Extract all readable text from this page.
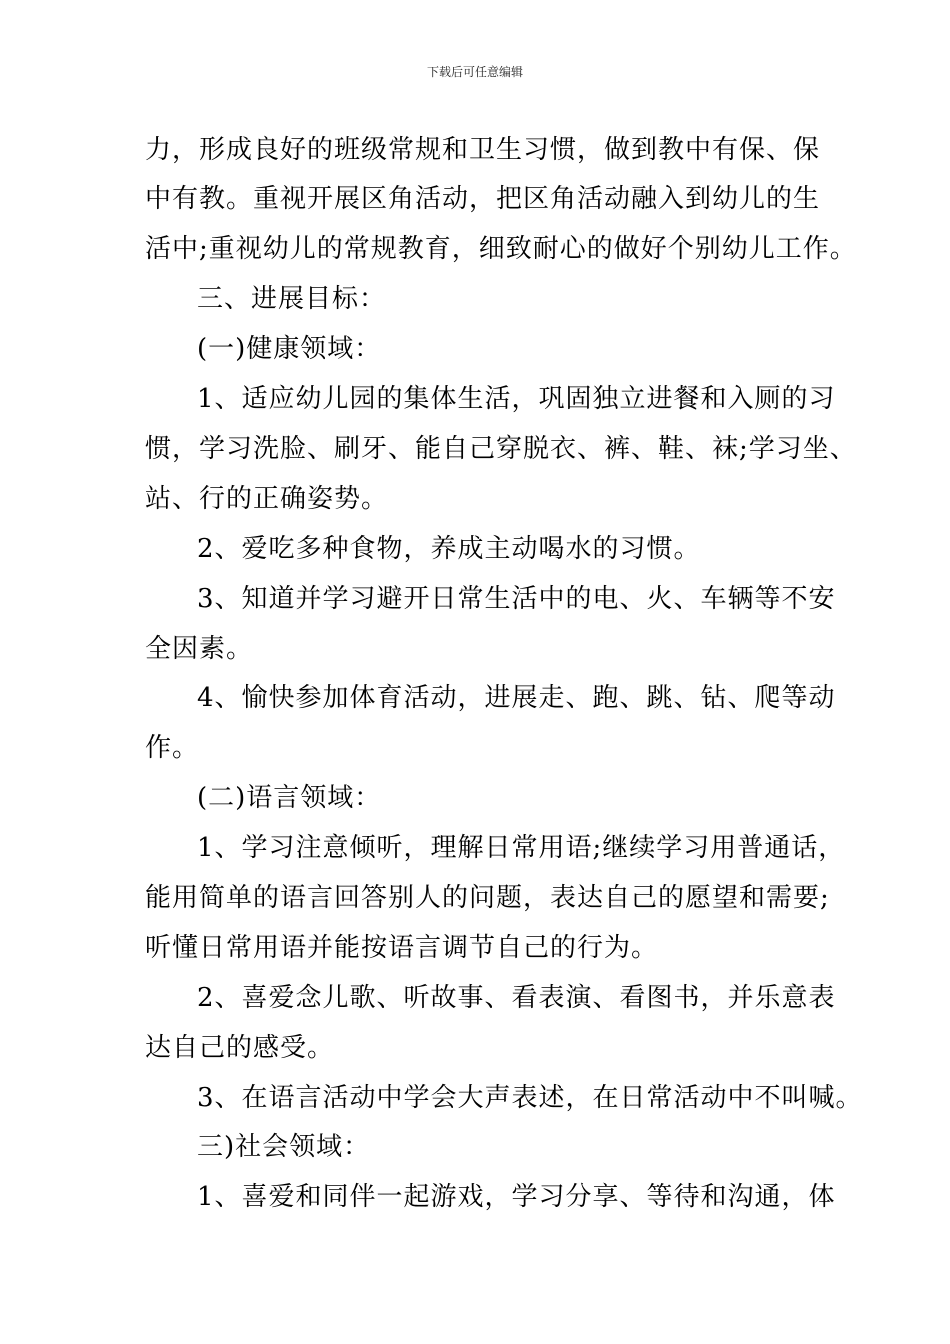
下载后可任意编辑
力，形成良好的班级常规和卫生习惯，做到教中有保、保
中有教。重视开展区角活动，把区角活动融入到幼儿的生
活中;重视幼儿的常规教育，细致耐心的做好个别幼儿工作。
三、进展目标：
(一)健康领域：
1、适应幼儿园的集体生活，巩固独立进餐和入厕的习
惯，学习洗脸、刷牙、能自己穿脱衣、裤、鞋、袜;学习坐、
站、行的正确姿势。
2、爱吃多种食物，养成主动喝水的习惯。
3、知道并学习避开日常生活中的电、火、车辆等不安
全因素。
4、愉快参加体育活动，进展走、跑、跳、钻、爬等动
作。
(二)语言领域：
1、学习注意倾听，理解日常用语;继续学习用普通话，
能用简单的语言回答别人的问题，表达自己的愿望和需要;
听懂日常用语并能按语言调节自己的行为。
2、喜爱念儿歌、听故事、看表演、看图书，并乐意表
达自己的感受。
3、在语言活动中学会大声表述，在日常活动中不叫喊。
三)社会领域：
1、喜爱和同伴一起游戏，学习分享、等待和沟通，体
